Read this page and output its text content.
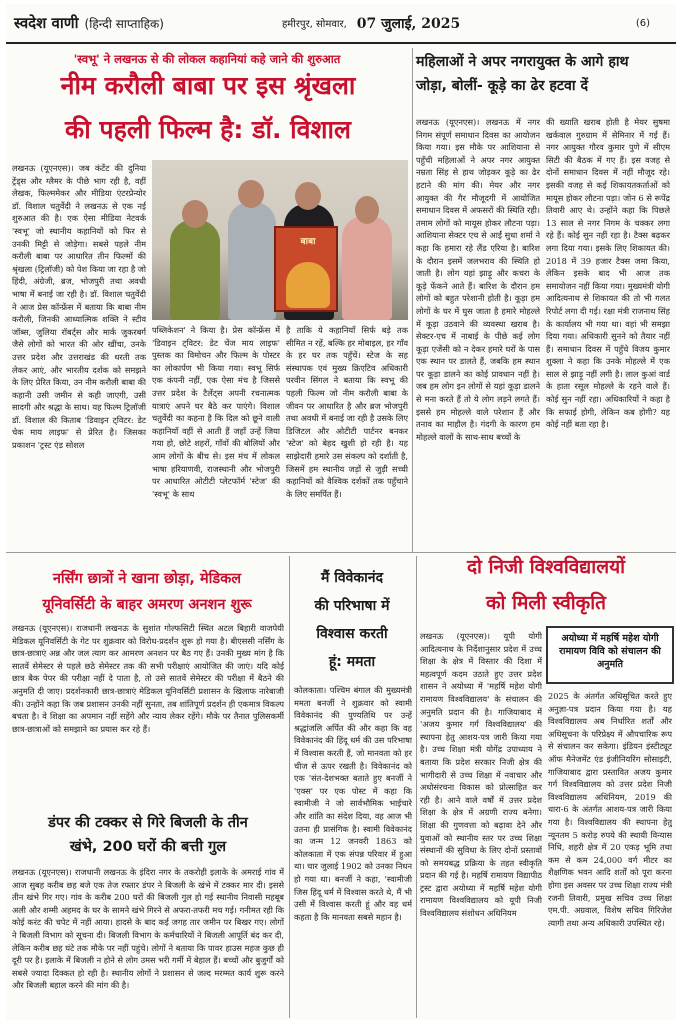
स्वदेश वाणी (हिन्दी साप्ताहिक)	हमीरपुर, सोमवार, 07 जुलाई, 2025	(6)
'स्वभू' ने लखनऊ से की लोकल कहानियां कहे जाने की शुरुआत
नीम करौली बाबा पर इस श्रृंखला
की पहली फिल्म है: डॉ. विशाल
लखनऊ (यूएनएस)। जब कंटेंट की दुनिया ट्रेंड्स और ग्लैमर के पीछे भाग रही है, वहीं लेखक, फिल्ममेकर और मीडिया एंटरप्रेन्योर डॉ. विशाल चतुर्वेदी ने लखनऊ से एक नई शुरुआत की है। एक ऐसा मीडिया नेटवर्क 'स्वभू' जो स्थानीय कहानियों को फिर से उनकी मिट्टी से जोड़ेगा। सबसे पहले नीम करौली बाबा पर आधारित तीन फिल्मों की श्रृंखला (ट्रिलॉजी) को पेश किया जा रहा है जो हिंदी, अंग्रेजी, ब्रज, भोजपुरी तथा अवधी भाषा में बनाई जा रही है। डॉ. विशाल चतुर्वेदी ने आज प्रेस कॉन्फ्रेंस में बताया कि बाबा नीम करौली, जिनकी आध्यात्मिक शक्ति ने स्टीव जॉब्स, जुलिया रॉबर्ट्स और मार्क जुकरबर्ग जैसे लोगों को भारत की ओर खींचा, उनके उत्तर प्रदेश और उत्तराखंड की धरती तक लेकर आएं, और भारतीय दर्शक को समझने के लिए प्रेरित किया, उन नीम करौली बाबा की कहानी उसी जमीन से कही जाएगी, उसी सादगी और श्रद्धा के साथ। यह फिल्म ट्रिलॉजी डॉ. विशाल की किताब 'डिवाइन ट्विटर: डेट चेक माय लाइफ' से प्रेरित है। जिसका प्रकाशन 'ट्रस्ट एंड सोशल
बाबा
पब्लिकेशन' ने किया है। प्रेस कॉन्फ्रेंस में 'डिवाइन ट्विटर: डेट चेंज माय लाइफ' पुस्तक का विमोचन और फिल्म के पोस्टर का लोकार्पण भी किया गया। स्वभू सिर्फ एक कंपनी नहीं, एक ऐसा मंच है जिससे उत्तर प्रदेश के टैलेंट्स अपनी रचनात्मक यात्राएं अपने घर बैठे कर पाएंगे। विशाल चतुर्वेदी का कहना है कि दिल को छूने वाली कहानियाँ वहीं से आती हैं जहाँ उन्हें जिया गया हो, छोटे शहरों, गाँवों की बोलियों और आम लोगों के बीच से। इस मंच में लोकल भाषा हरियाणवी, राजस्थानी और भोजपुरी पर आधारित ओटीटी प्लेटफॉर्म 'स्टेज' की 'स्वभू' के साथ
है ताकि ये कहानियाँ सिर्फ बड़े तक सीमित न रहें, बल्कि हर मोबाइल, हर गाँव के हर घर तक पहुँचें। स्टेज के सह संस्थापक एवं मुख्य क्रिएटिव अधिकारी परवीन सिंगल ने बताया कि स्वभू की पहली फिल्म जो नीम करौली बाबा के जीवन पर आधारित है और ब्रज भोजपुरी तथा अवधी में बनाई जा रही है उसके लिए डिजिटल और ओटीटी पार्टनर बनकर 'स्टेज' को बेहद खुशी हो रही है। यह साझेदारी हमारे उस संकल्प को दर्शाती है, जिसमें हम स्थानीय जड़ों से जुड़ी सच्ची कहानियों को वैश्विक दर्शकों तक पहुँचाने के लिए समर्पित हैं।
महिलाओं ने अपर नगरायुक्त के आगे हाथ
जोड़ा, बोलीं- कूड़े का ढेर हटवा दें
लखनऊ (यूएनएस)। लखनऊ में नगर निगम संपूर्ण समाधान दिवस का आयोजन किया गया। इस मौके पर आशियाना से पहुँची महिलाओं ने अपर नगर आयुक्त नम्रता सिंह से हाथ जोड़कर कूड़े का ढेर हटाने की मांग की। मेयर और नगर आयुक्त की गैर मौजूदगी में आयोजित समाधान दिवस में अफसरों की स्थिति रही। तमाम लोगों को मायूस होकर लौटना पड़ा। आशियाना सेक्टर एच से आईं सुधा शर्मा ने कहा कि हमारा रहे लैंड एरिया है। बारिश के दौरान इसमें जलभराव की स्थिति हो जाती है। लोग यहां झाड़ू और कचरा के कूड़े फेंकने आते हैं। बारिश के दौरान हम लोगों को बहुत परेशानी होती है। कूड़ा हम लोगों के घर में घुस जाता है हमारे मोहल्ले में कूड़ा उठवाने की व्यवस्था खराब है। सेक्टर-एच में नाबाई के पीछे कई लोग कूड़ा एजेंसी को न देकर हमारे घरों के पास एक स्थान पर डालते हैं, जबकि हम स्थान पर कूड़ा डालने का कोई प्रावधान नहीं है। जब हम लोग इन लोगों से यहां कूड़ा डालने से मना करते हैं तो ये लोग लड़ने लगते हैं। इससे हम मोहल्ले वाले परेशान हैं और तनाव का माहौल है। गंदगी के कारण हम मोहल्ले वालों के साथ-साथ बच्चों के
की ख्याति खराब होती है मेयर सुषमा खर्कवाल गुरुग्राम में सेमिनार में गई हैं। नगर आयुक्त गौरव कुमार पुणे में सीएम सिटी की बैठक में गए हैं। इस वजह से दोनों समाधान दिवस में नहीं मौजूद रहे। इसकी वजह से कई शिकायतकर्ताओं को मायूस होकर लौटना पड़ा। जोन 6 से रूपेंद्र तिवारी आए थे। उन्होंने कहा कि पिछले 13 साल से नगर निगम के चक्कर लगा रहे हैं। कोई सुन नहीं रहा है। टैक्स बढ़कर लगा दिया गया। इसके लिए शिकायत की। 2018 में 39 हजार टैक्स जमा किया, लेकिन इसके बाद भी आज तक समायोजन नहीं किया गया। मुख्यमंत्री योगी आदित्यनाथ से शिकायत की तो भी गलत रिपोर्ट लगा दी गई। रक्षा मंत्री राजनाथ सिंह के कार्यालय भी गया था। वहां भी समझा दिया गया। अधिकारी सुनने को तैयार नहीं हैं। समाधान दिवस में पहुँचे विजय कुमार शुक्ला ने कहा कि उनके मोहल्ले में एक साल से झाड़ू नहीं लगी है। लाल कुआं वार्ड के हाता रसूल मोहल्ले के रहने वाले हैं। कोई सुन नहीं रहा। अधिकारियों ने कहा है कि सफाई होगी, लेकिन कब होगी? यह कोई नहीं बता रहा है।
नर्सिंग छात्रों ने खाना छोड़ा, मेडिकल
यूनिवर्सिटी के बाहर अमरण अनशन शुरू
लखनऊ (यूएनएस)। राजधानी लखनऊ के सुशांत गोल्फसिटी स्थित अटल बिहारी वाजपेयी मेडिकल यूनिवर्सिटी के गेट पर शुक्रवार को विरोध-प्रदर्शन शुरू हो गया है। बीएससी नर्सिंग के छात्र-छात्राएं अन्न और जल त्याग कर आमरण अनशन पर बैठ गए हैं। उनकी मुख्य मांग है कि सातवें सेमेस्टर से पहले छठे सेमेस्टर तक की सभी परीक्षाएं आयोजित की जाएं। यदि कोई छात्र बैक पेपर की परीक्षा नहीं दे पाता है, तो उसे सातवें सेमेस्टर की परीक्षा में बैठने की अनुमति दी जाए। प्रदर्शनकारी छात्र-छात्राएं मेडिकल यूनिवर्सिटी प्रशासन के खिलाफ नारेबाजी की। उन्होंने कहा कि जब प्रशासन उनकी नहीं सुनता, तब शांतिपूर्ण प्रदर्शन ही एकमात्र विकल्प बचता है। वे शिक्षा का अपमान नहीं सहेंगे और न्याय लेकर रहेंगे। मौके पर तैनात पुलिसकर्मी छात्र-छात्राओं को समझाने का प्रयास कर रहे हैं।
डंपर की टक्कर से गिरे बिजली के तीन
खंभे, 200 घरों की बत्ती गुल
लखनऊ (यूएनएस)। राजधानी लखनऊ के इंदिरा नगर के तकरोही इलाके के अमराई गांव में आज सुबह करीब छह बजे एक तेज रफ्तार डंपर ने बिजली के खंभे में टक्कर मार दी। इससे तीन खंभे गिर गए। गांव के करीब 200 घरों की बिजली गुल हो गई स्थानीय निवासी महबूब अली और शम्मी अहमद के घर के सामने खंभे गिरने से अफरा-तफरी मच गई। गनीमत रही कि कोई करंट की चपेट में नहीं आया। हादसे के बाद कई जगह तार जमीन पर बिखर गए। लोगों ने बिजली विभाग को सूचना दी। बिजली विभाग के कर्मचारियों ने बिजली आपूर्ति बंद कर दी, लेकिन करीब छह घंटे तक मौके पर नहीं पहुंचे। लोगों ने बताया कि पावर हाउस महज कुछ ही दूरी पर है। इलाके में बिजली न होने से लोग उमस भरी गर्मी में बेहाल हैं। बच्चों और बुजुर्गों को सबसे ज्यादा दिक्कत हो रही है। स्थानीय लोगों ने प्रशासन से जल्द मरम्मत कार्य शुरू करने और बिजली बहाल करने की मांग की है।
मैं विवेकानंद
की परिभाषा में
विश्वास करती
हूं: ममता
कोलकाता। पश्चिम बंगाल की मुख्यमंत्री ममता बनर्जी ने शुक्रवार को स्वामी विवेकानंद की पुण्यतिथि पर उन्हें श्रद्धांजलि अर्पित की और कहा कि वह विवेकानंद की हिंदू धर्म की उस परिभाषा में विश्वास करती हैं, जो मानवता को हर चीज से ऊपर रखती है। विवेकानंद को एक 'संत-देशभक्त बताते हुए बनर्जी ने 'एक्स' पर एक पोस्ट में कहा कि स्वामीजी ने जो सार्वभौमिक भाईचारे और शांति का संदेश दिया, वह आज भी उतना ही प्रासंगिक है। स्वामी विवेकानंद का जन्म 12 जनवरी 1863 को कोलकाता में एक संपन्न परिवार में हुआ था। चार जुलाई 1902 को उनका निधन हो गया था। बनर्जी ने कहा, 'स्वामीजी जिस हिंदू धर्म में विश्वास करते थे, मैं भी उसी में विश्वास करती हूं और वह धर्म कहता है कि मानवता सबसे महान है।
दो निजी विश्वविद्यालयों
को मिली स्वीकृति
लखनऊ (यूएनएस)। यूपी योगी आदित्यनाथ के निर्देशानुसार प्रदेश में उच्च शिक्षा के क्षेत्र में विस्तार की दिशा में महत्वपूर्ण कदम उठाते हुए उत्तर प्रदेश शासन ने अयोध्या में 'महर्षि महेश योगी रामायण विश्वविद्यालय' के संचालन की अनुमति प्रदान की है। गाजियाबाद में 'अजय कुमार गर्ग विश्वविद्यालय' की स्थापना हेतु आशय-पत्र जारी किया गया है। उच्च शिक्षा मंत्री योगेंद्र उपाध्याय ने बताया कि प्रदेश सरकार निजी क्षेत्र की भागीदारी से उच्च शिक्षा में नवाचार और अधोसंरचना विकास को प्रोत्साहित कर रही है। आने वाले वर्षों में उत्तर प्रदेश शिक्षा के क्षेत्र में अग्रणी राज्य बनेगा। शिक्षा की गुणवत्ता को बढ़ावा देने और युवाओं को स्थानीय स्तर पर उच्च शिक्षा संस्थानों की सुविधा के लिए दोनों प्रस्तावों को समयबद्ध प्रक्रिया के तहत स्वीकृति प्रदान की गई है। महर्षि रामायण विद्यापीठ ट्रस्ट द्वारा अयोध्या में महर्षि महेश योगी रामायण विश्वविद्यालय को यूपी निजी विश्वविद्यालय संशोधन अधिनियम
अयोध्या में महर्षि महेश योगी रामायण विवि को संचालन की अनुमति
2025 के अंतर्गत अधिसूचित करते हुए अनुज्ञा-पत्र प्रदान किया गया है। यह विश्वविद्यालय अब निर्धारित शर्तों और अधिसूचना के परिप्रेक्ष्य में औपचारिक रूप से संचालन कर सकेगा। इंडियन इंस्टीट्यूट ऑफ मैनेजमेंट एंड इंजीनियरिंग सोसाइटी, गाजियाबाद द्वारा प्रस्तावित अजय कुमार गर्ग विश्वविद्यालय को उत्तर प्रदेश निजी विश्वविद्यालय अधिनियम, 2019 की धारा-6 के अंतर्गत आशय-पत्र जारी किया गया है। विश्वविद्यालय की स्थापना हेतु न्यूनतम 5 करोड़ रुपये की स्थायी विन्यास निधि, शहरी क्षेत्र में 20 एकड़ भूमि तथा कम से कम 24,000 वर्ग मीटर का शैक्षणिक भवन आदि शर्तों को पूरा करना होगा इस अवसर पर उच्च शिक्षा राज्य मंत्री रजनी तिवारी, प्रमुख सचिव उच्च शिक्षा एम.पी. अग्रवाल, विशेष सचिव गिरिजेश त्यागी तथा अन्य अधिकारी उपस्थित रहे।
